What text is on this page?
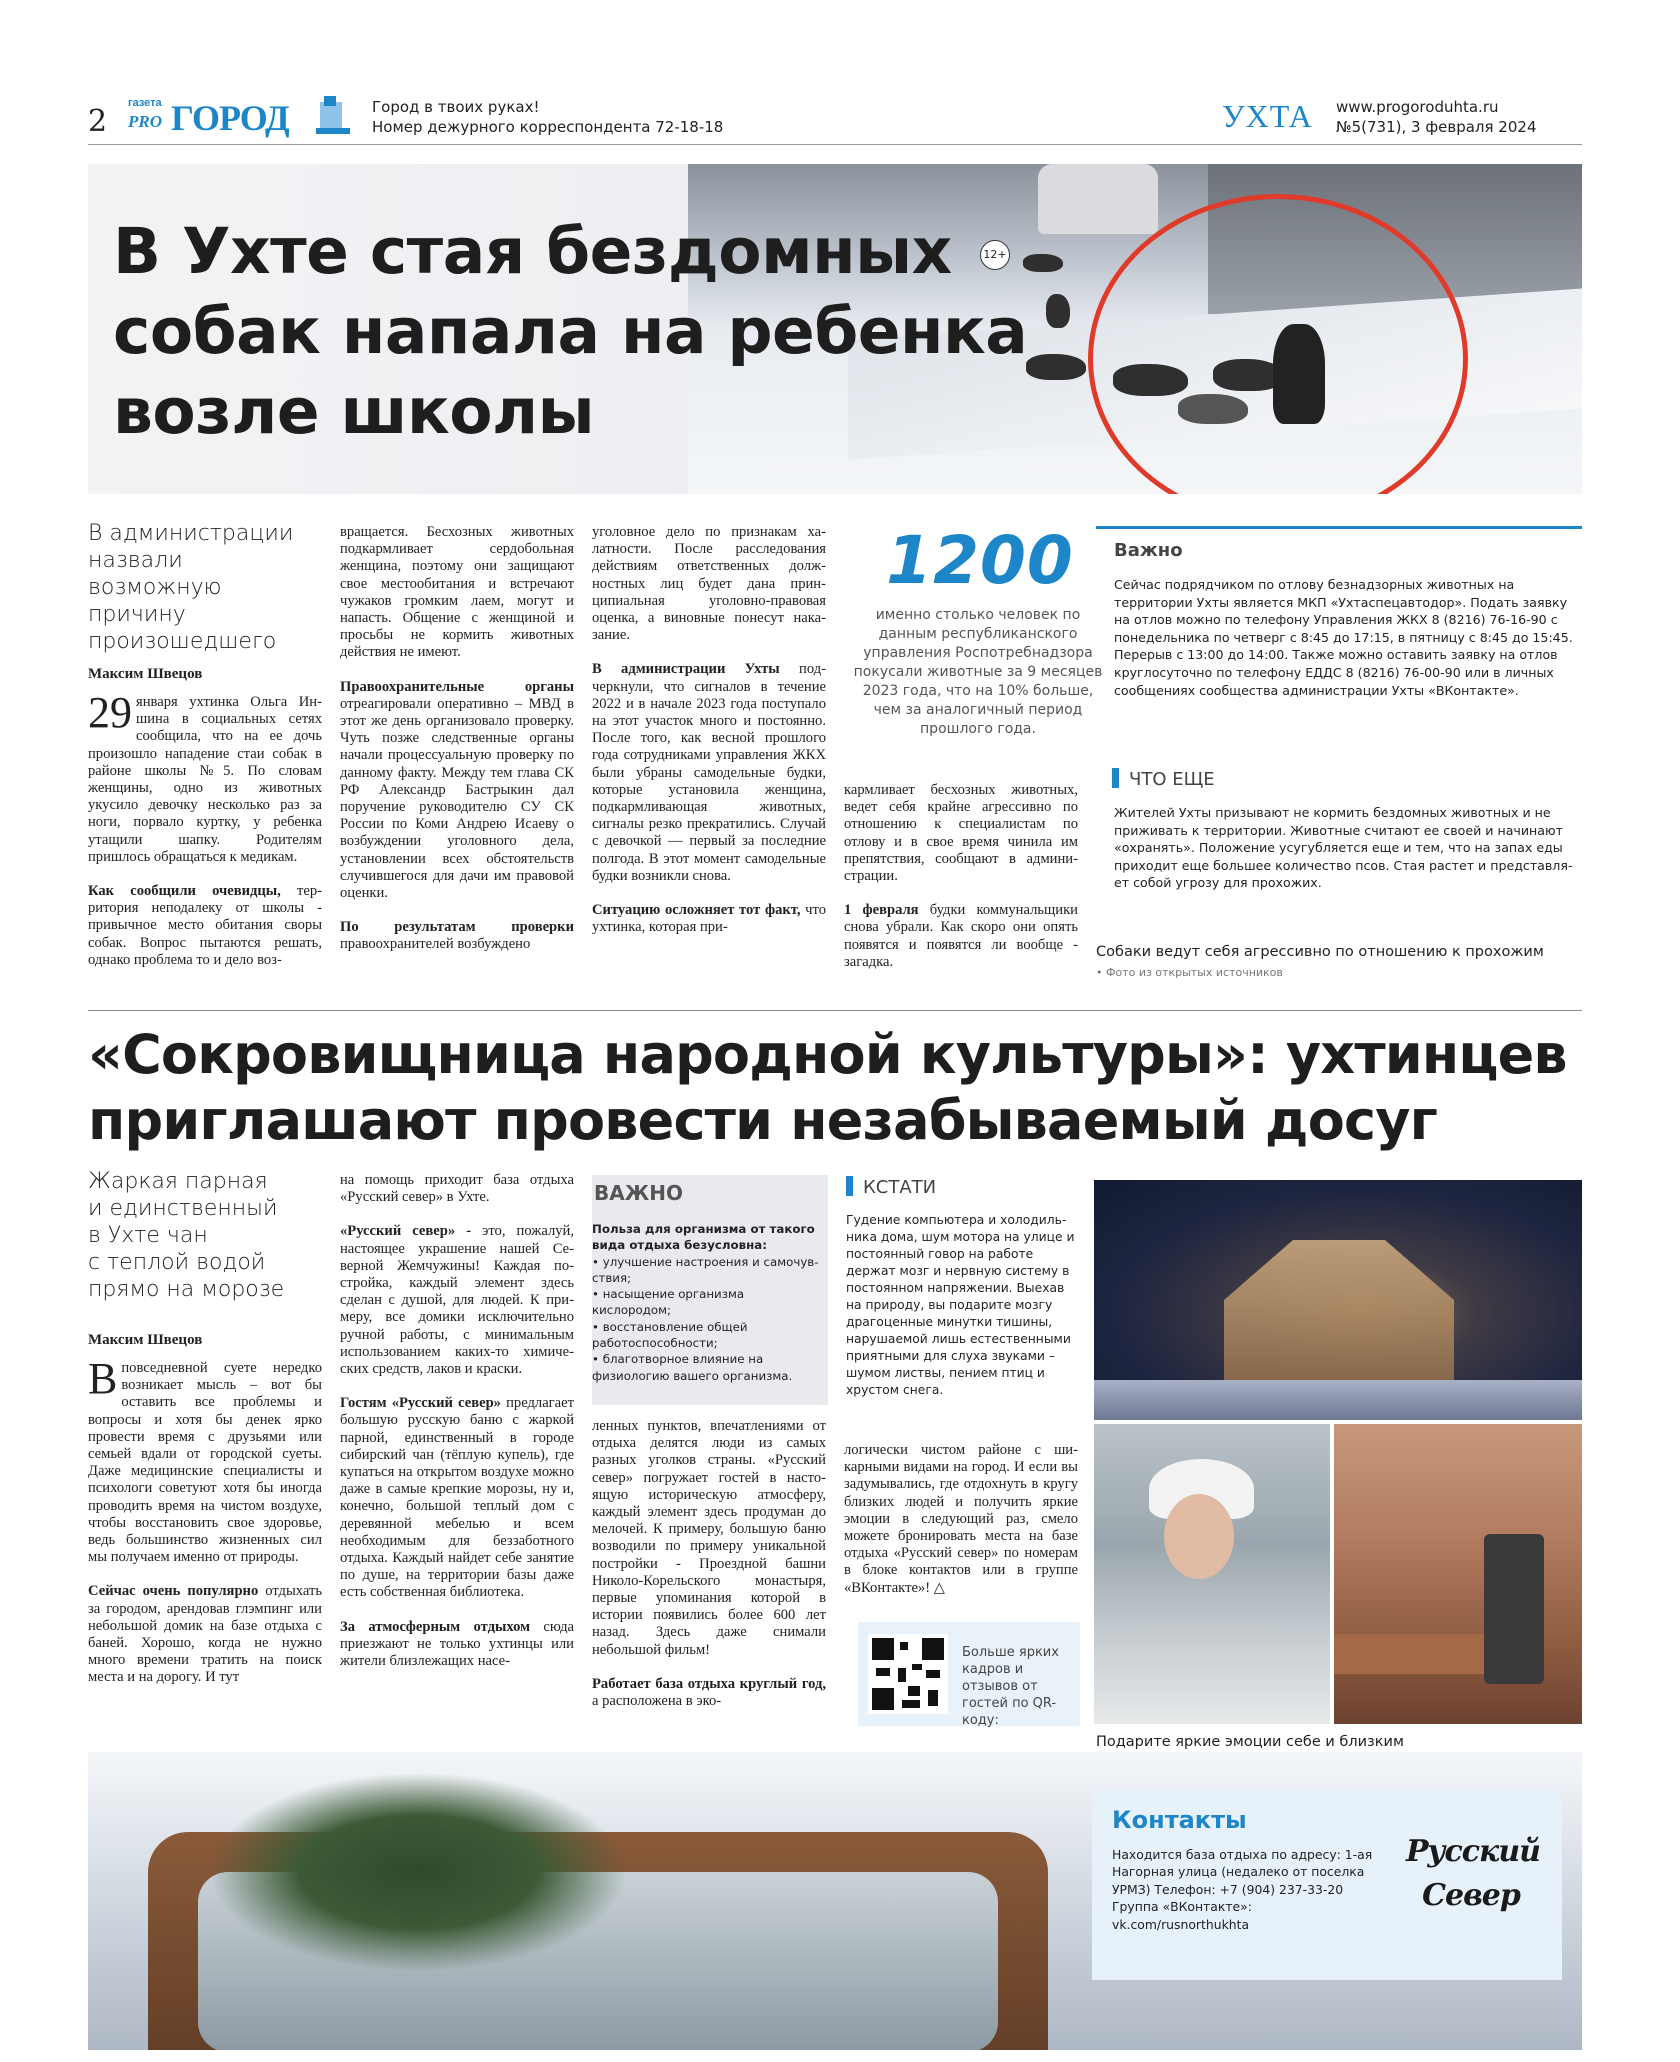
2
газета
PRO ГОРОД	Город в твоих руках!
Номер дежурного корреспондента 72-18-18	УХТА www.progoroduhta.ru
№5(731), 3 февраля 2024
В Ухте стая бездомных
собак напала на ребенка
возле школы
12+
В администрации
назвали
возможную
причину
произошедшего
Максим Швецов

29 января ухтинка Ольга Иншина в социальных сетях сообщила, что на ее дочь произошло нападение стаи собак в районе школы №5. По словам женщины, одно из животных укусило девочку несколько раз за ноги, порвало куртку, у ребенка утащили шапку. Родителям пришлось обращаться к медикам.

Как сообщили очевидцы, территория неподалеку от школы - привычное место обитания своры собак. Вопрос пытаются решать, однако проблема то и дело воз-

вращается. Бесхозных животных подкармливает сердобольная женщина, поэтому они защищают свое местообитания и встречают чужаков громким лаем, могут и напасть. Общение с женщиной и просьбы не кормить животных действия не имеют.

Правоохранительные органы отреагировали оперативно – МВД в этот же день организовало проверку. Чуть позже следственные органы начали процессуальную проверку по данному факту. Между тем глава СК РФ Александр Бастрыкин дал поручение руководителю СУ СК России по Коми Андрею Исаеву о возбуждении уголовного дела, установлении всех обстоятельств случившегося для дачи им правовой оценки.

По результатам проверки правоохранителей возбуждено

уголовное дело по признакам халатности. После расследования действиям ответственных должностных лиц будет дана принципиальная уголовно-правовая оценка, а виновные понесут наказание.

В администрации Ухты подчеркнули, что сигналов в течение 2022 и в начале 2023 года поступало на этот участок много и постоянно. После того, как весной прошлого года сотрудниками управления ЖКХ были убраны самодельные будки, которые установила женщина, подкармливающая животных, сигналы резко прекратились. Случай с девочкой — первый за последние полгода. В этот момент самодельные будки возникли снова.

Ситуацию осложняет тот факт, что ухтинка, которая при-

1200
именно столько человек по данным республиканского управления Роспотребнадзора покусали животные за 9 месяцев 2023 года, что на 10% больше, чем за аналогичный период прошлого года.

кармливает бесхозных животных, ведет себя крайне агрессивно по отношению к специалистам по отлову и в свое время чинила им препятствия, сообщают в администрации.

1 февраля будки коммунальщики снова убрали. Как скоро они опять появятся и появятся ли вообще - загадка.

Важно
Сейчас подрядчиком по отлову безнадзорных животных на территории Ухты является МКП «Ухтаспецавтодор». Подать заявку на отлов можно по телефону Управления ЖКХ 8 (8216) 76-16-90 с понедельника по четверг с 8:45 до 17:15, в пятницу с 8:45 до 15:45. Перерыв с 13:00 до 14:00. Также можно оставить заявку на отлов круглосуточно по телефону ЕДДС 8 (8216) 76-00-90 или в личных сообщениях сообщества администрации Ухты «ВКонтакте».
ЧТО ЕЩЕ
Жителей Ухты призывают не кормить бездомных животных и не приживать к территории. Животные считают ее своей и начинают «охранять». Положение усугубляется еще и тем, что на запах еды приходит еще большее количество псов. Стая растет и представляет собой угрозу для прохожих.
Собаки ведут себя агрессивно по отношению к прохожим
• Фото из открытых источников
«Сокровищница народной культуры»: ухтинцев
приглашают провести незабываемый досуг
Жаркая парная
и единственный
в Ухте чан
с теплой водой
прямо на морозе
Максим Швецов

Вповседневной суете нередко возникает мысль – вот бы оставить все проблемы и вопросы и хотя бы денек ярко провести время с друзьями или семьей вдали от городской суеты. Даже медицинские специалисты и психологи советуют хотя бы иногда проводить время на чистом воздухе, чтобы восстановить свое здоровье, ведь большинство жизненных сил мы получаем именно от природы.

Сейчас очень популярно отдыхать за городом, арендовав глэмпинг или небольшой домик на базе отдыха с баней. Хорошо, когда не нужно много времени тратить на поиск места и на дорогу. И тут

на помощь приходит база отдыха «Русский север» в Ухте.

«Русский север» - это, пожалуй, настоящее украшение нашей Северной Жемчужины! Каждая постройка, каждый элемент здесь сделан с душой, для людей. К примеру, все домики исключительно ручной работы, с минимальным использованием каких-то химических средств, лаков и краски.

Гостям «Русский север» предлагает большую русскую баню с жаркой парной, единственный в городе сибирский чан (тёплую купель), где купаться на открытом воздухе можно даже в самые крепкие морозы, ну и, конечно, большой теплый дом с деревянной мебелью и всем необходимым для беззаботного отдыха. Каждый найдет себе занятие по душе, на территории базы даже есть собственная библиотека.

За атмосферным отдыхом сюда приезжают не только ухтинцы или жители близлежащих насе-

ВАЖНО
Польза для организма от такого вида отдыха безусловна:
• улучшение настроения и самочувствия;
• насыщение организма кислородом;
• восстановление общей работоспособности;
• благотворное влияние на физиологию вашего организма.

ленных пунктов, впечатлениями от отдыха делятся люди из самых разных уголков страны. «Русский север» погружает гостей в настоящую историческую атмосферу, каждый элемент здесь продуман до мелочей. К примеру, большую баню возводили по примеру уникальной постройки - Проездной башни Николо-Корельского монастыря, первые упоминания которой в истории появились более 600 лет назад. Здесь даже снимали небольшой фильм!

Работает база отдыха круглый год, а расположена в эко-

КСТАТИ
Гудение компьютера и холодильника дома, шум мотора на улице и постоянный говор на работе держат мозг и нервную систему в постоянном напряжении. Выехав на природу, вы подарите мозгу драгоценные минутки тишины, нарушаемой лишь естественными приятными для слуха звуками – шумом листвы, пением птиц и хрустом снега.

логически чистом районе с шикарными видами на город. И если вы задумывались, где отдохнуть в кругу близких людей и получить яркие эмоции в следующий раз, смело можете бронировать места на базе отдыха «Русский север» по номерам в блоке контактов или в группе «ВКонтакте»! △

Больше ярких кадров и отзывов от гостей по QR-коду:
Подарите яркие эмоции себе и близким
Контакты
Находится база отдыха по адресу: 1-ая Нагорная улица (недалеко от поселка УРМЗ) Телефон: +7 (904) 237-33-20 Группа «ВКонтакте»: vk.com/rusnorthukhta
Русский
Север
